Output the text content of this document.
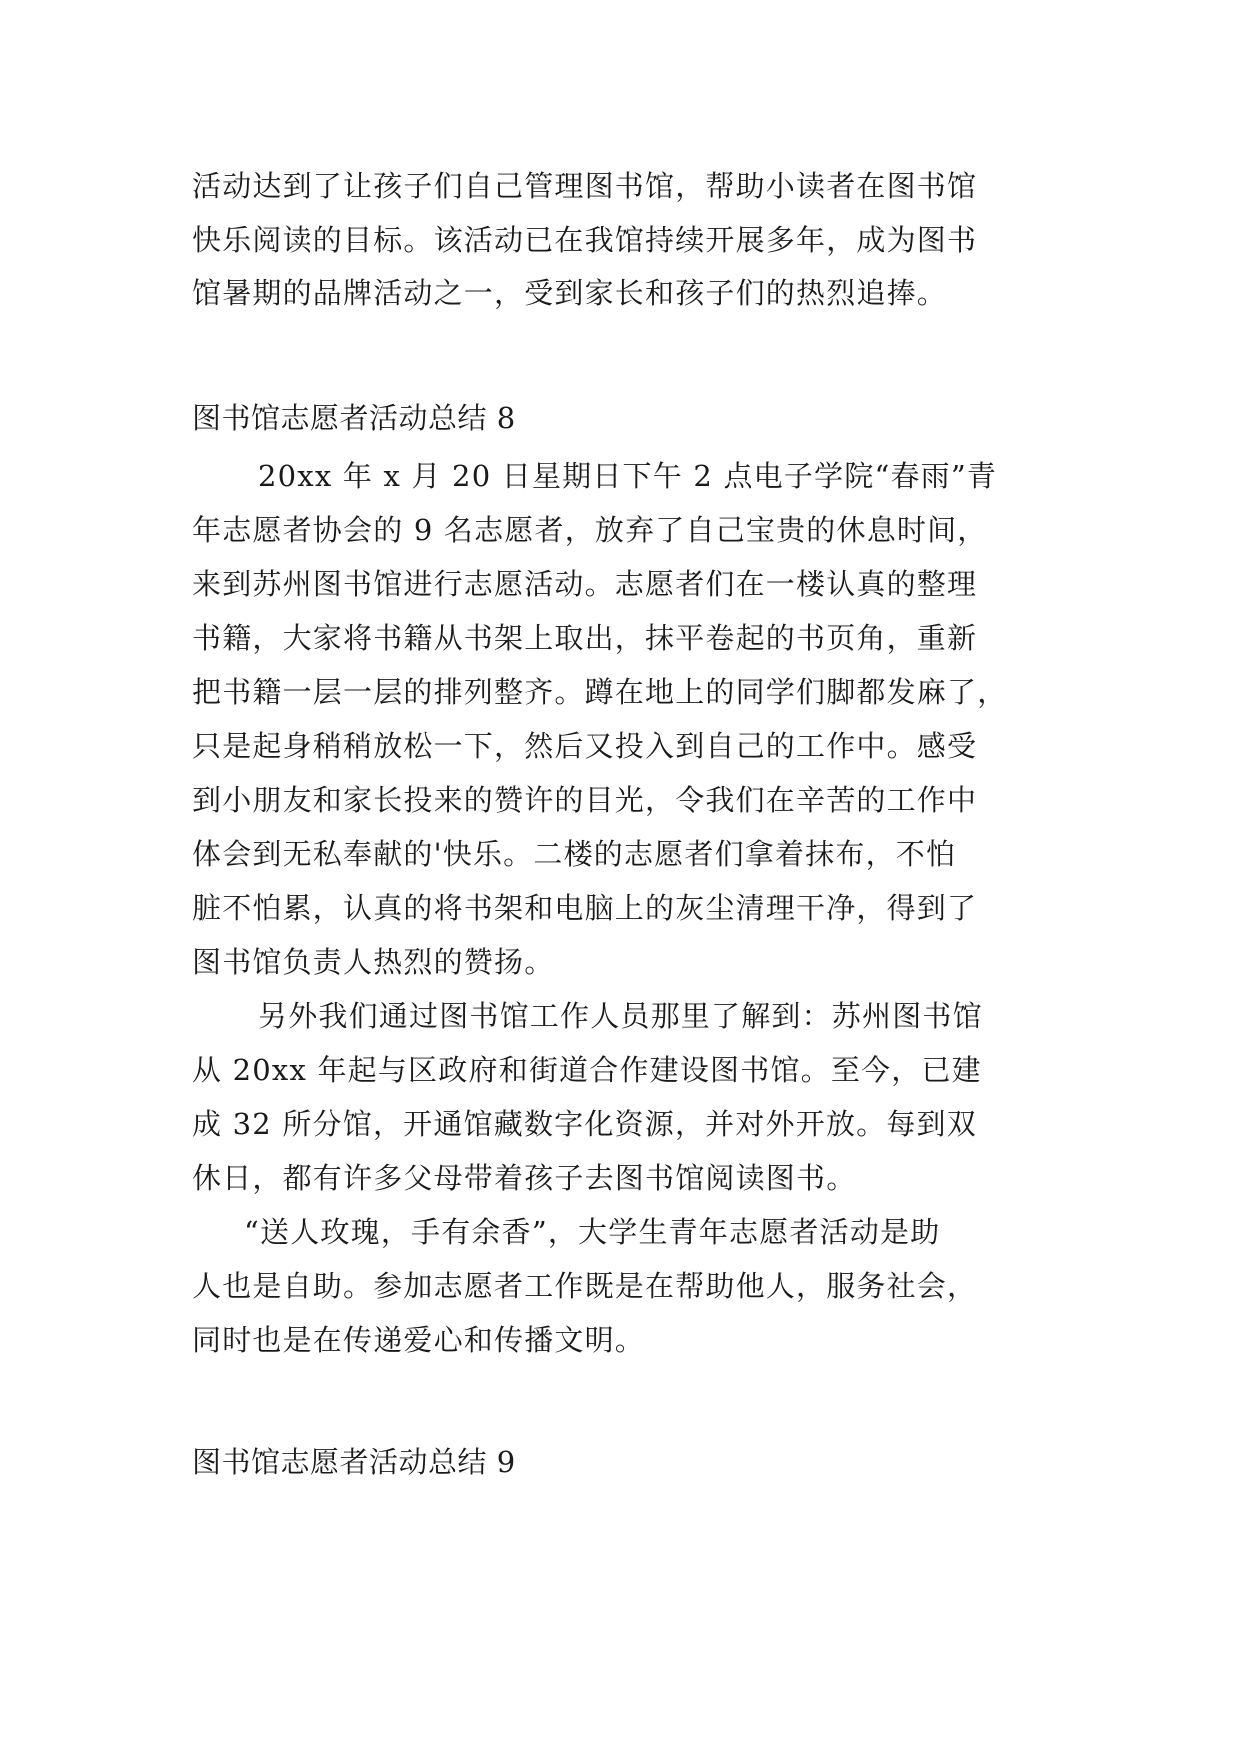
活动达到了让孩子们自己管理图书馆，帮助小读者在图书馆
快乐阅读的目标。该活动已在我馆持续开展多年，成为图书
馆暑期的品牌活动之一，受到家长和孩子们的热烈追捧。
图书馆志愿者活动总结 8
20xx 年 x 月 20 日星期日下午 2 点电子学院“春雨”青
年志愿者协会的 9 名志愿者，放弃了自己宝贵的休息时间，
来到苏州图书馆进行志愿活动。志愿者们在一楼认真的整理
书籍，大家将书籍从书架上取出，抹平卷起的书页角，重新
把书籍一层一层的排列整齐。蹲在地上的同学们脚都发麻了，
只是起身稍稍放松一下，然后又投入到自己的工作中。感受
到小朋友和家长投来的赞许的目光，令我们在辛苦的工作中
体会到无私奉献的'快乐。二楼的志愿者们拿着抹布，不怕
脏不怕累，认真的将书架和电脑上的灰尘清理干净，得到了
图书馆负责人热烈的赞扬。
另外我们通过图书馆工作人员那里了解到：苏州图书馆
从 20xx 年起与区政府和街道合作建设图书馆。至今，已建
成 32 所分馆，开通馆藏数字化资源，并对外开放。每到双
休日，都有许多父母带着孩子去图书馆阅读图书。
“送人玫瑰，手有余香”，大学生青年志愿者活动是助
人也是自助。参加志愿者工作既是在帮助他人，服务社会，
同时也是在传递爱心和传播文明。
图书馆志愿者活动总结 9
